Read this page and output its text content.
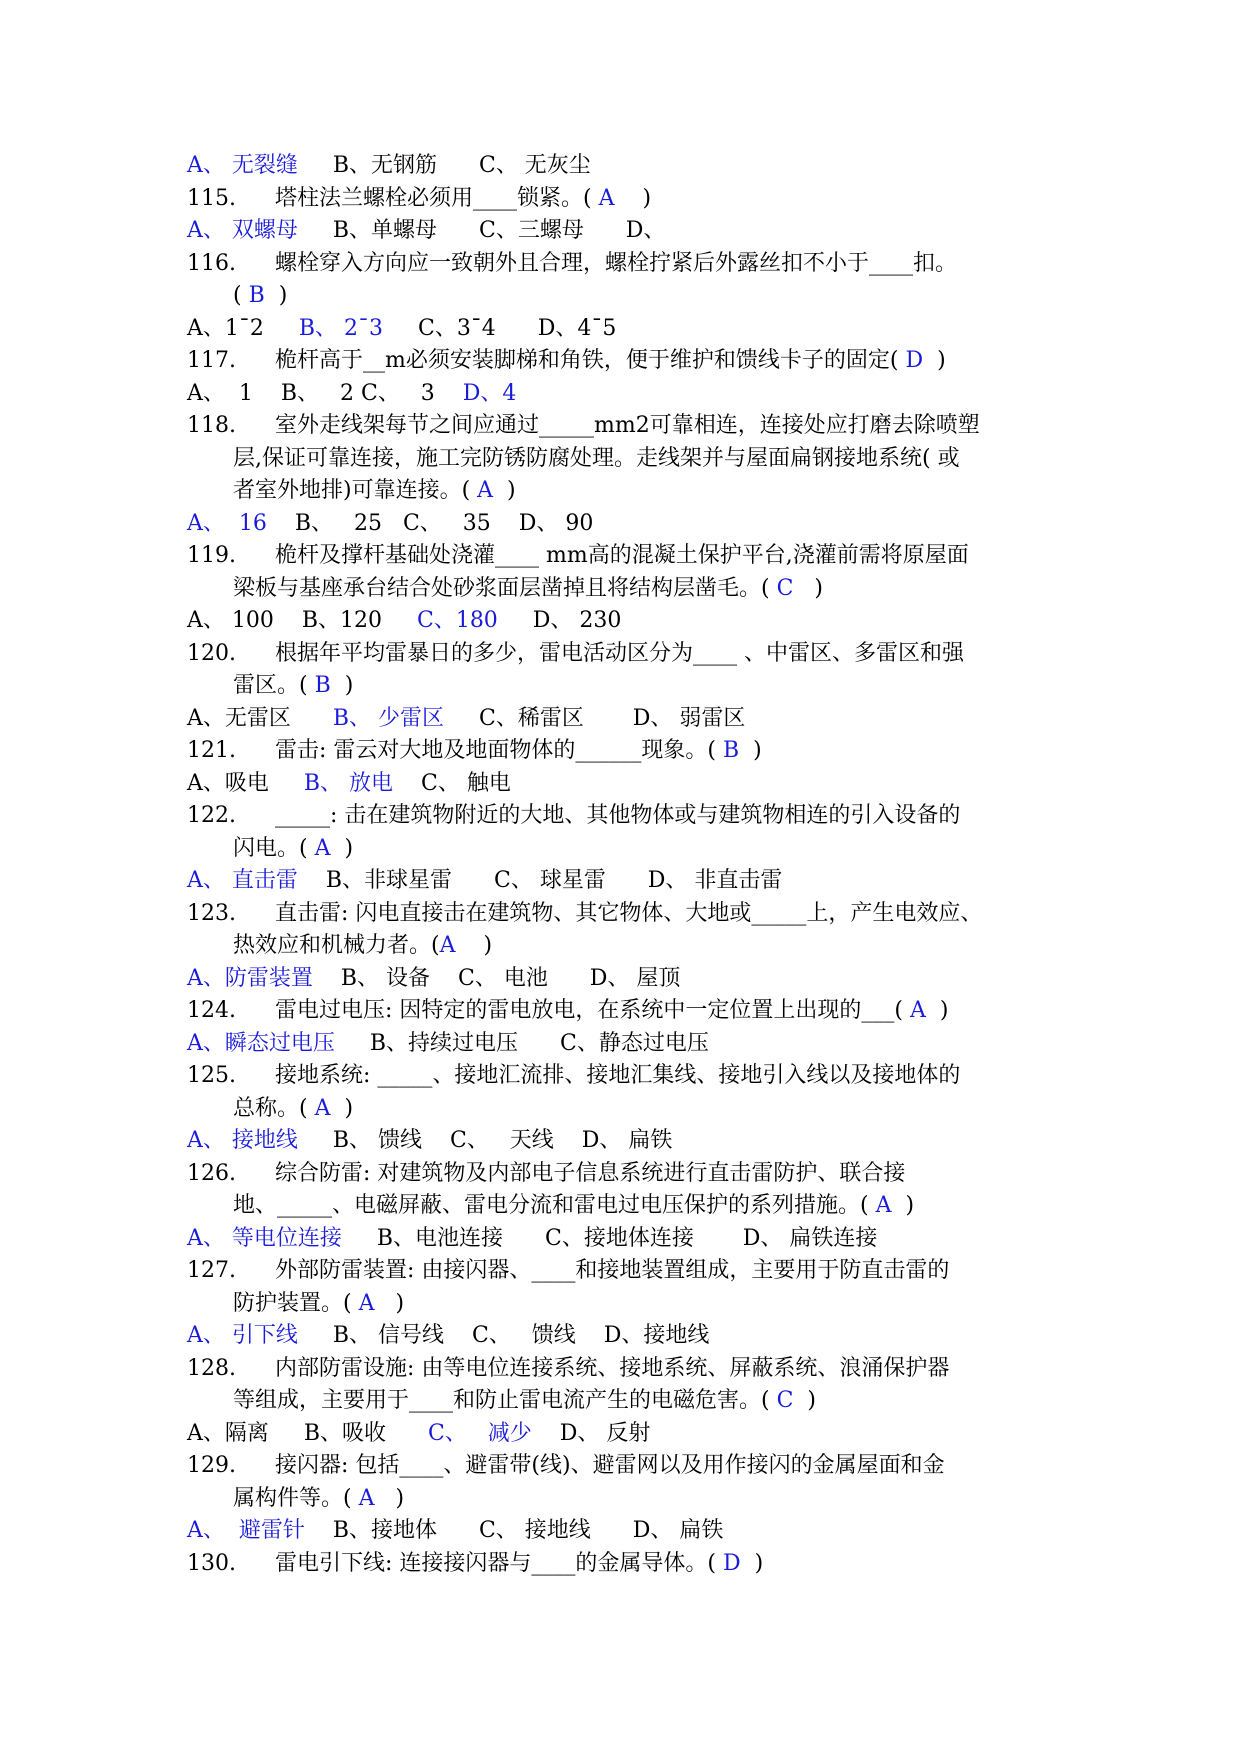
A、 无裂缝     B、无钢筋      C、 无灰尘
115. 塔柱法兰螺栓必须用____锁紧。( A    )
A、 双螺母     B、单螺母      C、三螺母      D、
116. 螺栓穿入方向应一致朝外且合理，螺栓拧紧后外露丝扣不小于____扣。
( B  )
A、1¯2     B、 2¯3     C、3¯4      D、4¯5
117. 桅杆高于__m必须安装脚梯和角铁，便于维护和馈线卡子的固定( D  )
A、  1    B、   2 C、   3    D、4
118. 室外走线架每节之间应通过_____mm2可靠相连，连接处应打磨去除喷塑
层,保证可靠连接，施工完防锈防腐处理。走线架并与屋面扁钢接地系统( 或
者室外地排)可靠连接。( A  )
A、  16    B、   25   C、   35    D、 90
119. 桅杆及撑杆基础处浇灌____ mm高的混凝土保护平台,浇灌前需将原屋面
梁板与基座承台结合处砂浆面层凿掉且将结构层凿毛。( C   )
A、 100    B、120     C、180     D、 230
120. 根据年平均雷暴日的多少，雷电活动区分为____ 、中雷区、多雷区和强
雷区。( B  )
A、无雷区      B、 少雷区     C、稀雷区       D、 弱雷区
121. 雷击: 雷云对大地及地面物体的______现象。( B  )
A、吸电     B、 放电    C、 触电
122. _____: 击在建筑物附近的大地、其他物体或与建筑物相连的引入设备的
闪电。( A  )
A、 直击雷    B、非球星雷      C、 球星雷      D、 非直击雷
123. 直击雷: 闪电直接击在建筑物、其它物体、大地或_____上，产生电效应、
热效应和机械力者。(A    )
A、防雷装置    B、 设备    C、 电池      D、 屋顶
124. 雷电过电压: 因特定的雷电放电，在系统中一定位置上出现的___( A  )
A、瞬态过电压     B、持续过电压      C、静态过电压
125. 接地系统: _____、接地汇流排、接地汇集线、接地引入线以及接地体的
总称。( A  )
A、 接地线     B、 馈线    C、   天线    D、 扁铁
126. 综合防雷: 对建筑物及内部电子信息系统进行直击雷防护、联合接
地、_____、电磁屏蔽、雷电分流和雷电过电压保护的系列措施。( A  )
A、 等电位连接     B、电池连接      C、接地体连接       D、 扁铁连接
127. 外部防雷装置: 由接闪器、____和接地装置组成，主要用于防直击雷的
防护装置。( A   )
A、 引下线     B、 信号线    C、   馈线    D、接地线
128. 内部防雷设施: 由等电位连接系统、接地系统、屏蔽系统、浪涌保护器
等组成，主要用于____和防止雷电流产生的电磁危害。( C  )
A、隔离     B、吸收      C、   减少    D、 反射
129. 接闪器: 包括____、避雷带(线)、避雷网以及用作接闪的金属屋面和金
属构件等。( A   )
A、  避雷针    B、接地体      C、 接地线      D、 扁铁
130. 雷电引下线: 连接接闪器与____的金属导体。( D  )
